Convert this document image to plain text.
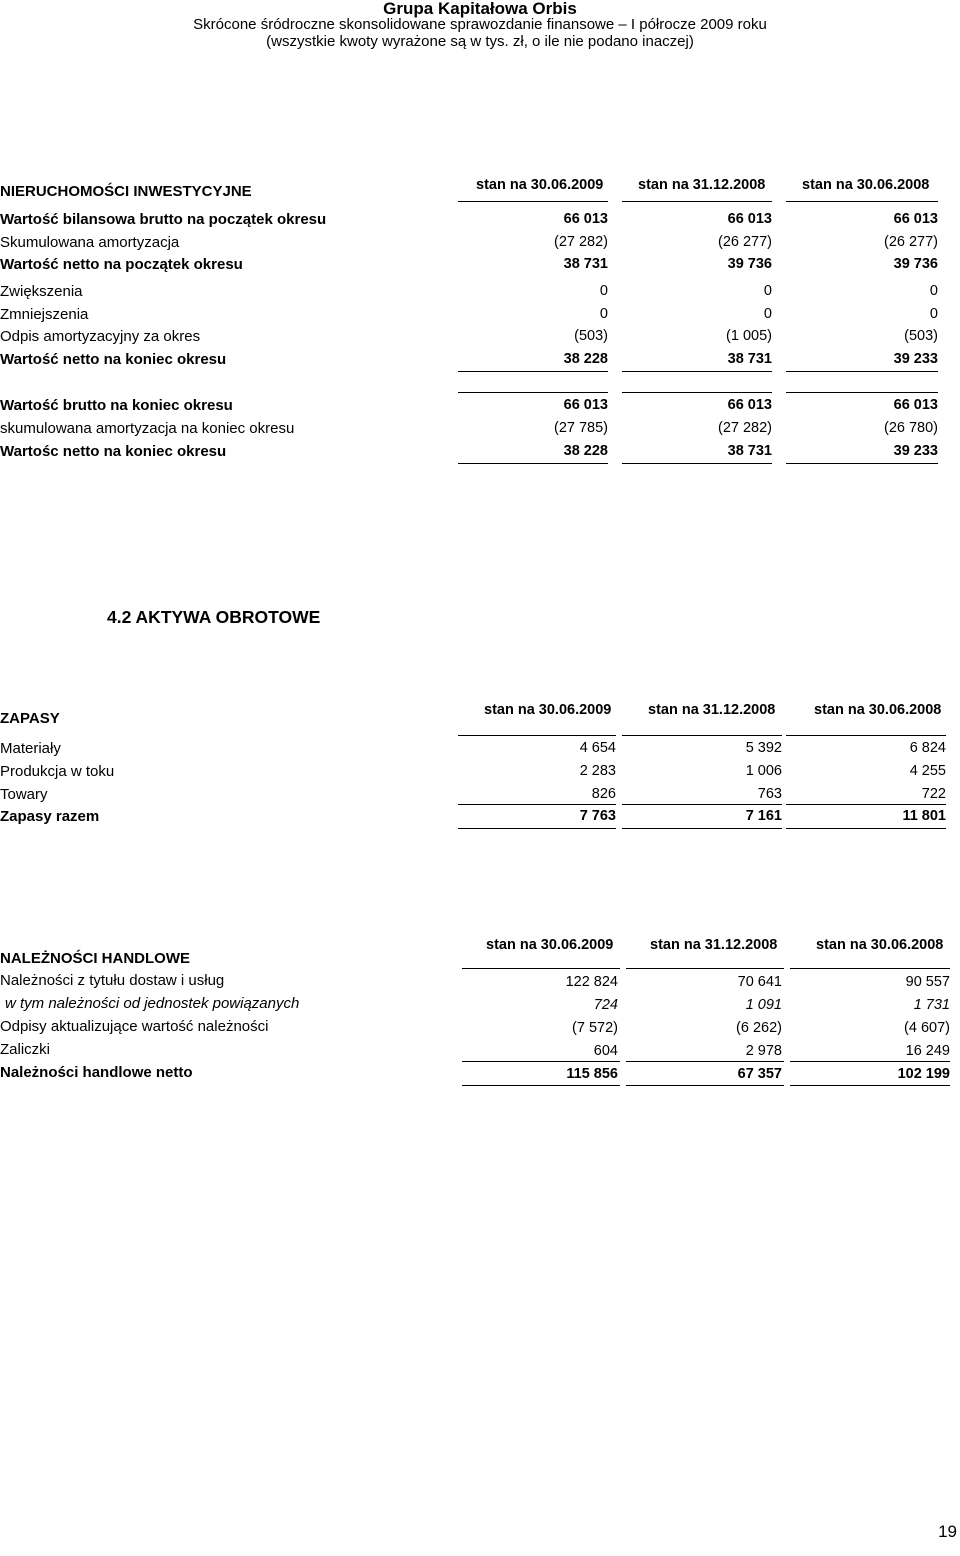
Grupa Kapitałowa Orbis
Skrócone śródroczne skonsolidowane sprawozdanie finansowe – I półrocze 2009 roku
(wszystkie kwoty wyrażone są w tys. zł, o ile nie podano inaczej)
NIERUCHOMOŚCI INWESTYCYJNE	stan na 30.06.2009 stan na 31.12.2008	stan na 30.06.2008
Wartość bilansowa brutto na początek okresu	66 013	66 013	66 013
Skumulowana amortyzacja	(27 282)	(26 277)	(26 277)
Wartość netto na początek okresu	38 731	39 736	39 736
Zwiększenia	0	0	0
Zmniejszenia	0	0	0
Odpis amortyzacyjny za okres	(503)	(1 005)	(503)
Wartość netto na koniec okresu	38 228	38 731	39 233
Wartość brutto na koniec okresu	66 013	66 013	66 013
skumulowana amortyzacja na koniec okresu	(27 785)	(27 282)	(26 780)
Wartośc netto na koniec okresu	38 228	38 731	39 233
4.2 AKTYWA OBROTOWE
ZAPASY	stan na 30.06.2009	stan na 31.12.2008	stan na 30.06.2008
Materiały	4 654	5 392	6 824
Produkcja w toku	2 283	1 006	4 255
Towary	826	763	722
Zapasy razem	7 763	7 161	11 801
NALEŻNOŚCI HANDLOWE
stan na 30.06.2009	stan na 31.12.2008	stan na 30.06.2008
Należności z tytułu dostaw i usług	122 824	70 641	90 557
w tym należności od jednostek powiązanych	724	1 091	1 731
Odpisy aktualizujące wartość należności	(7 572)	(6 262)	(4 607)
Zaliczki	604	2 978	16 249
Należności handlowe netto	115 856	67 357	102 199
19
